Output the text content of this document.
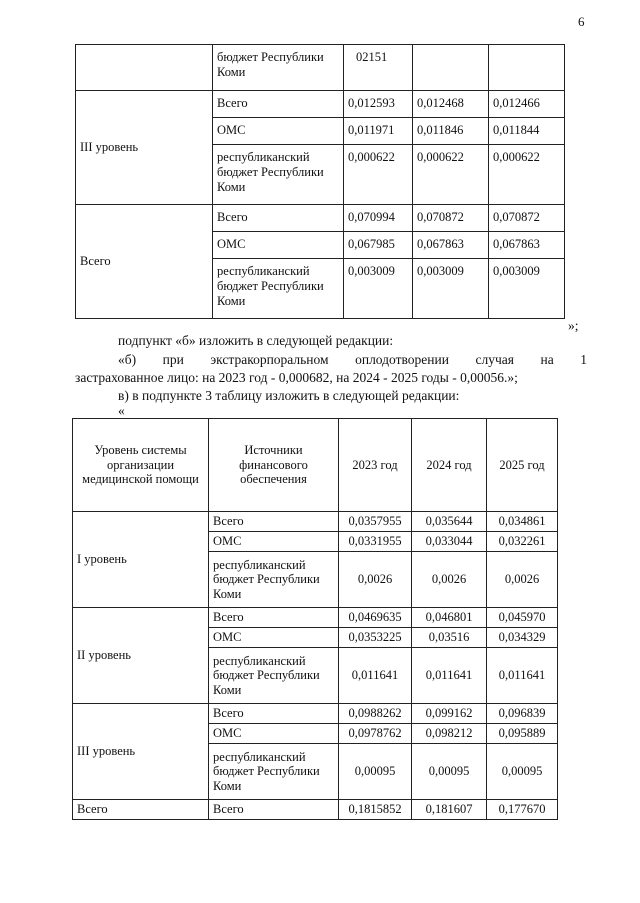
6
	бюджет Республики Коми	02151		
III уровень	Всего	0,012593	0,012468	0,012466
	ОМС	0,011971	0,011846	0,011844
	республиканский бюджет Республики Коми	0,000622	0,000622	0,000622
Всего	Всего	0,070994	0,070872	0,070872
	ОМС	0,067985	0,067863	0,067863
	республиканский бюджет Республики Коми	0,003009	0,003009	0,003009
»;
подпункт «б» изложить в следующей редакции:
«б) при экстракорпоральном оплодотворении случая на 1
застрахованное лицо: на 2023 год - 0,000682, на 2024 - 2025 годы - 0,00056.»;
в) в подпункте 3 таблицу изложить в следующей редакции:
«
Уровень системы организации медицинской помощи	Источники финансового обеспечения	2023 год	2024 год	2025 год
I уровень	Всего	0,0357955	0,035644	0,034861
	ОМС	0,0331955	0,033044	0,032261
	республиканский бюджет Республики Коми	0,0026	0,0026	0,0026
II уровень	Всего	0,0469635	0,046801	0,045970
	ОМС	0,0353225	0,03516	0,034329
	республиканский бюджет Республики Коми	0,011641	0,011641	0,011641
III уровень	Всего	0,0988262	0,099162	0,096839
	ОМС	0,0978762	0,098212	0,095889
	республиканский бюджет Республики Коми	0,00095	0,00095	0,00095
Всего	Всего	0,1815852	0,181607	0,177670
